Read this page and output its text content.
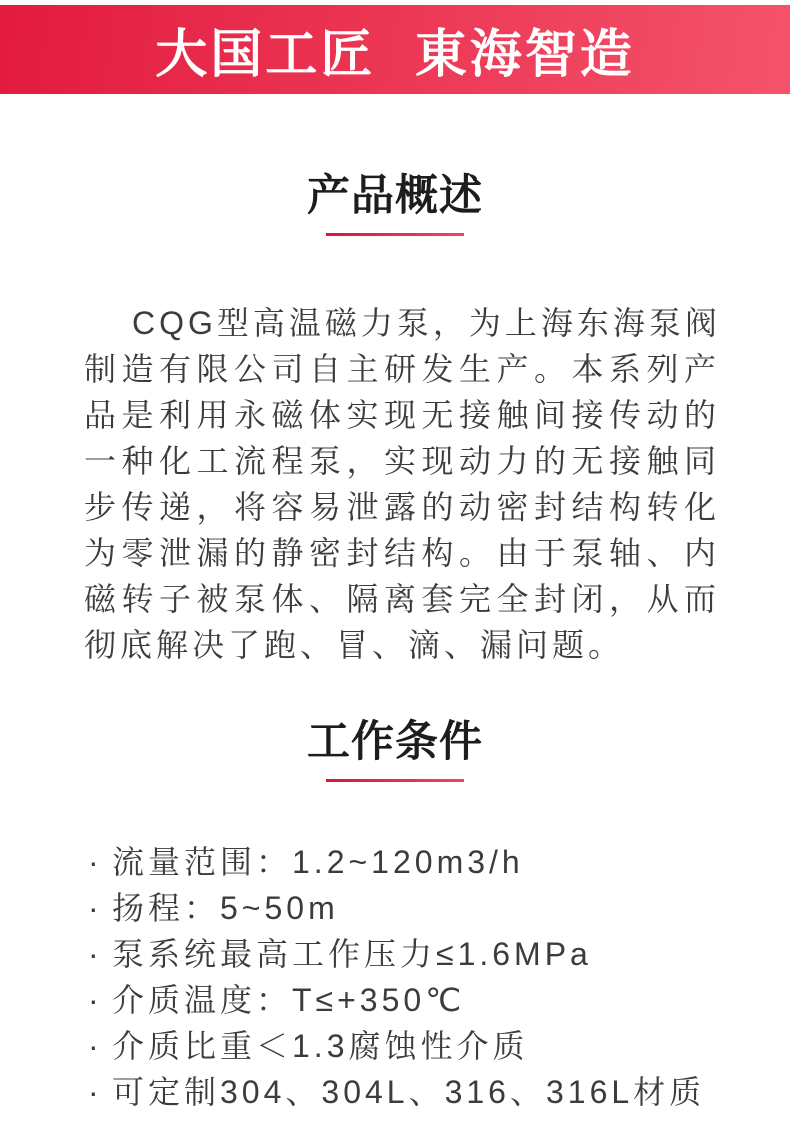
大国工匠 東海智造
产品概述
CQG型高温磁力泵，为上海东海泵阀
制造有限公司自主研发生产。本系列产
品是利用永磁体实现无接触间接传动的
一种化工流程泵，实现动力的无接触同
步传递，将容易泄露的动密封结构转化
为零泄漏的静密封结构。由于泵轴、内
磁转子被泵体、隔离套完全封闭，从而
彻底解决了跑、冒、滴、漏问题。
工作条件
· 流量范围：1.2~120m3/h
· 扬程：5~50m
· 泵系统最高工作压力≤1.6MPa
· 介质温度：T≤+350℃
· 介质比重＜1.3腐蚀性介质
· 可定制304、304L、316、316L材质
